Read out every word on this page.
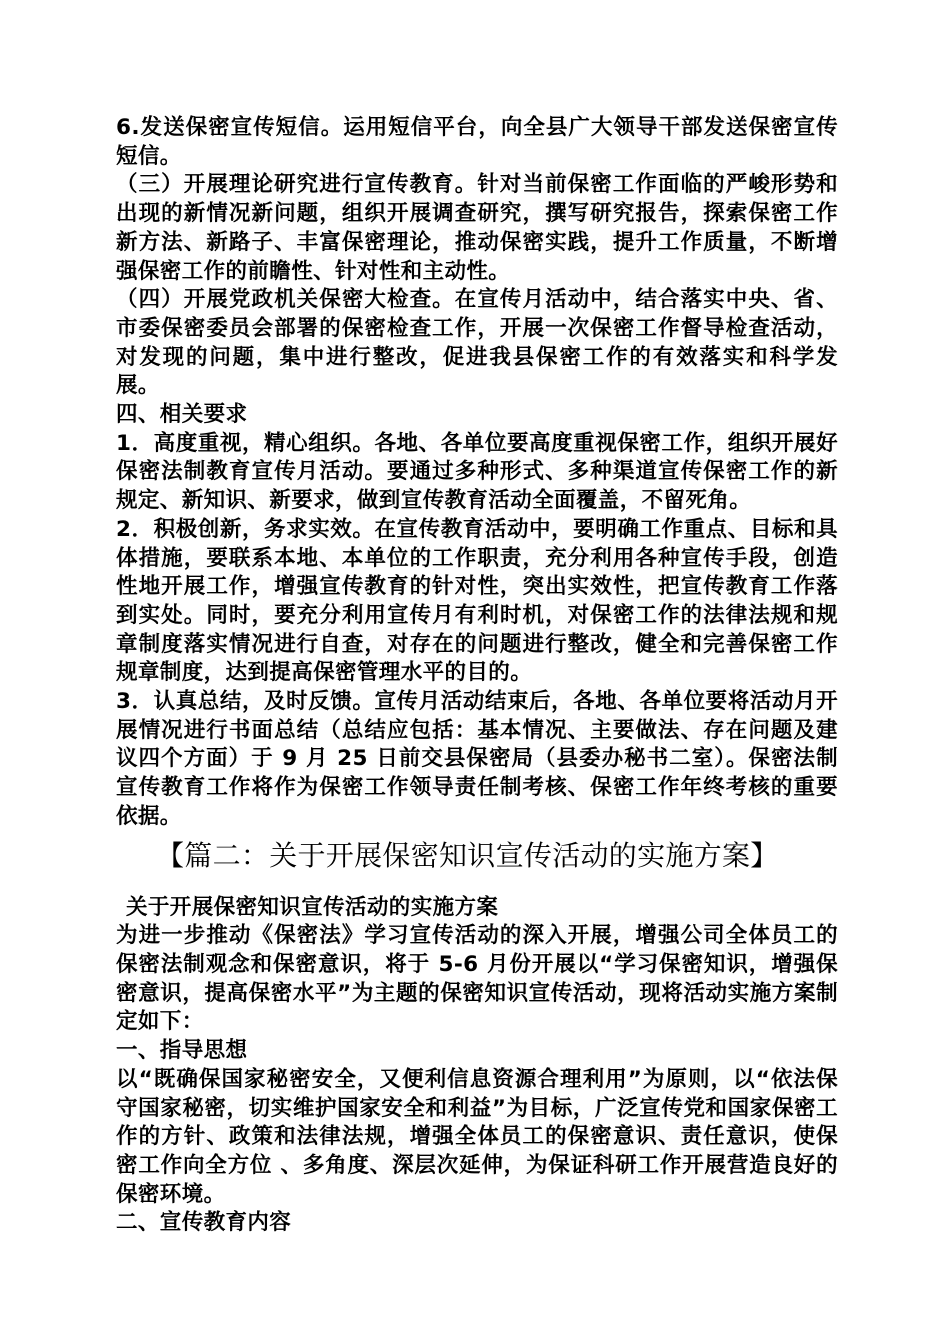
6.发送保密宣传短信。运用短信平台，向全县广大领导干部发送保密宣传短信。

（三）开展理论研究进行宣传教育。针对当前保密工作面临的严峻形势和出现的新情况新问题，组织开展调查研究，撰写研究报告，探索保密工作新方法、新路子、丰富保密理论，推动保密实践，提升工作质量，不断增强保密工作的前瞻性、针对性和主动性。

（四）开展党政机关保密大检查。在宣传月活动中，结合落实中央、省、市委保密委员会部署的保密检查工作，开展一次保密工作督导检查活动，对发现的问题，集中进行整改，促进我县保密工作的有效落实和科学发展。

四、相关要求

1．高度重视，精心组织。各地、各单位要高度重视保密工作，组织开展好保密法制教育宣传月活动。要通过多种形式、多种渠道宣传保密工作的新规定、新知识、新要求，做到宣传教育活动全面覆盖，不留死角。

2．积极创新，务求实效。在宣传教育活动中，要明确工作重点、目标和具体措施，要联系本地、本单位的工作职责，充分利用各种宣传手段，创造性地开展工作，增强宣传教育的针对性，突出实效性，把宣传教育工作落到实处。同时，要充分利用宣传月有利时机，对保密工作的法律法规和规章制度落实情况进行自查，对存在的问题进行整改，健全和完善保密工作规章制度，达到提高保密管理水平的目的。

3．认真总结，及时反馈。宣传月活动结束后，各地、各单位要将活动月开展情况进行书面总结（总结应包括：基本情况、主要做法、存在问题及建议四个方面）于 9 月 25 日前交县保密局（县委办秘书二室）。保密法制宣传教育工作将作为保密工作领导责任制考核、保密工作年终考核的重要依据。

【篇二：关于开展保密知识宣传活动的实施方案】

关于开展保密知识宣传活动的实施方案

为进一步推动《保密法》学习宣传活动的深入开展，增强公司全体员工的保密法制观念和保密意识，将于 5-6 月份开展以“学习保密知识，增强保密意识，提高保密水平”为主题的保密知识宣传活动，现将活动实施方案制定如下：

一、指导思想

以“既确保国家秘密安全，又便利信息资源合理利用”为原则，以“依法保守国家秘密，切实维护国家安全和利益”为目标，广泛宣传党和国家保密工作的方针、政策和法律法规，增强全体员工的保密意识、责任意识，使保密工作向全方位 、多角度、深层次延伸，为保证科研工作开展营造良好的保密环境。

二、宣传教育内容
